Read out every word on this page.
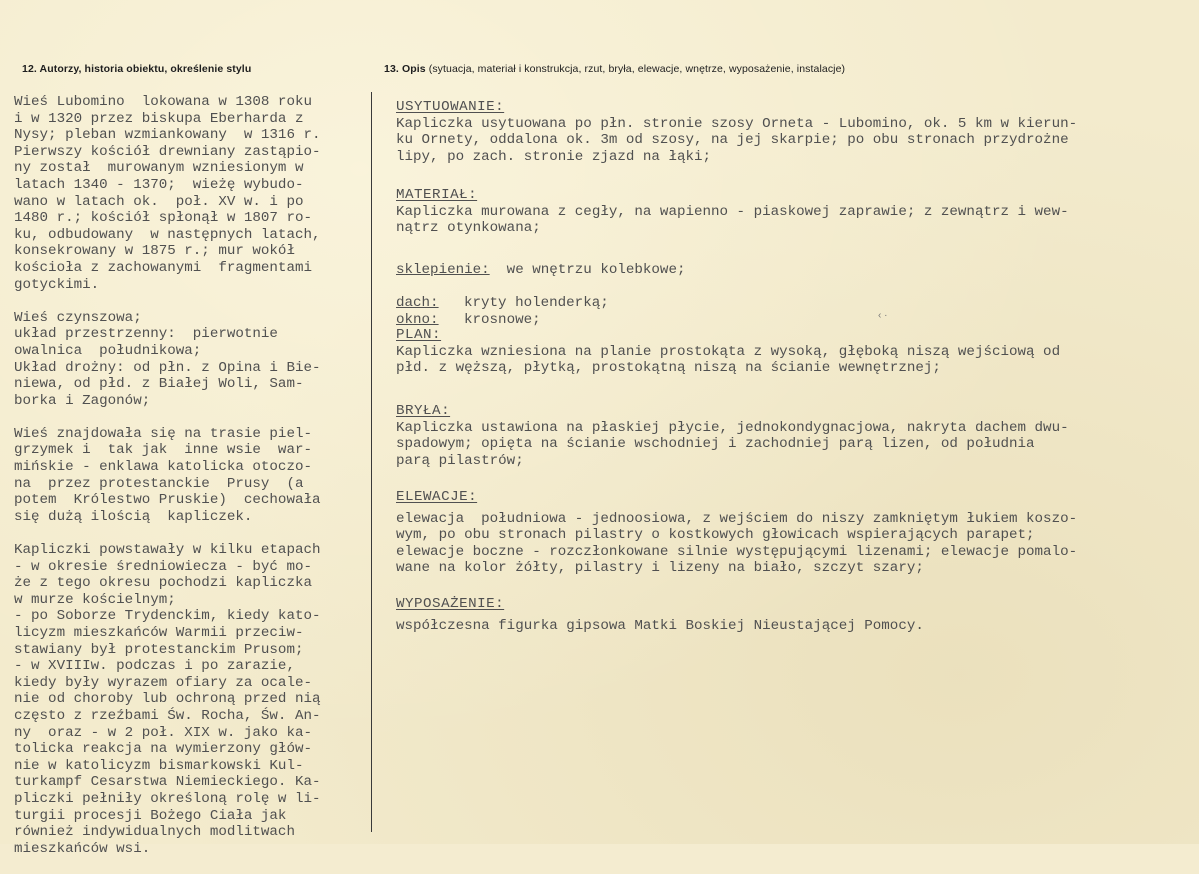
12. Autorzy, historia obiektu, określenie stylu	13. Opis (sytuacja, materiał i konstrukcja, rzut, bryła, elewacje, wnętrze, wyposażenie, instalacje)
Wieś Lubomino  lokowana w 1308 roku
i w 1320 przez biskupa Eberharda z
Nysy; pleban wzmiankowany  w 1316 r.
Pierwszy kościół drewniany zastąpio-
ny został  murowanym wzniesionym w
latach 1340 - 1370;  wieżę wybudo-
wano w latach ok.  poł. XV w. i po
1480 r.; kościół spłonął w 1807 ro-
ku, odbudowany  w następnych latach,
konsekrowany w 1875 r.; mur wokół
kościoła z zachowanymi  fragmentami
gotyckimi.
Wieś czynszowa;
układ przestrzenny:  pierwotnie
owalnica  południkowa;
Układ drożny: od płn. z Opina i Bie-
niewa, od płd. z Białej Woli, Sam-
borka i Zagonów;
Wieś znajdowała się na trasie piel-
grzymek i  tak jak  inne wsie  war-
mińskie - enklawa katolicka otoczo-
na  przez protestanckie  Prusy  (a
potem  Królestwo Pruskie)  cechowała
się dużą ilością  kapliczek.
Kapliczki powstawały w kilku etapach
- w okresie średniowiecza - być mo-
że z tego okresu pochodzi kapliczka
w murze kościelnym;
- po Soborze Trydenckim, kiedy kato-
licyzm mieszkańców Warmii przeciw-
stawiany był protestanckim Prusom;
- w XVIIIw. podczas i po zarazie,
kiedy były wyrazem ofiary za ocale-
nie od choroby lub ochroną przed nią
często z rzeźbami Św. Rocha, Św. An-
ny  oraz - w 2 poł. XIX w. jako ka-
tolicka reakcja na wymierzony głów-
nie w katolicyzm bismarkowski Kul-
turkampf Cesarstwa Niemieckiego. Ka-
pliczki pełniły określoną rolę w li-
turgii procesji Bożego Ciała jak
również indywidualnych modlitwach
mieszkańców wsi.
USYTUOWANIE:
Kapliczka usytuowana po płn. stronie szosy Orneta - Lubomino, ok. 5 km w kierun-
ku Ornety, oddalona ok. 3m od szosy, na jej skarpie; po obu stronach przydrożne
lipy, po zach. stronie zjazd na łąki;
MATERIAŁ:
Kapliczka murowana z cegły, na wapienno - piaskowej zaprawie; z zewnątrz i wew-
nątrz otynkowana;
sklepienie: we wnętrzu kolebkowe;
dach:	kryty holenderką;
okno:	krosnowe;
PLAN:
Kapliczka wzniesiona na planie prostokąta z wysoką, głęboką niszą wejściową od
płd. z węższą, płytką, prostokątną niszą na ścianie wewnętrznej;
BRYŁA:
Kapliczka ustawiona na płaskiej płycie, jednokondygnacjowa, nakryta dachem dwu-
spadowym; opięta na ścianie wschodniej i zachodniej parą lizen, od południa
parą pilastrów;
ELEWACJE:
elewacja  południowa - jednoosiowa, z wejściem do niszy zamkniętym łukiem koszo-
wym, po obu stronach pilastry o kostkowych głowicach wspierających parapet;
elewacje boczne - rozczłonkowane silnie występującymi lizenami; elewacje pomalo-
wane na kolor żółty, pilastry i lizeny na biało, szczyt szary;
WYPOSAŻENIE:
współczesna figurka gipsowa Matki Boskiej Nieustającej Pomocy.
‹ ·
